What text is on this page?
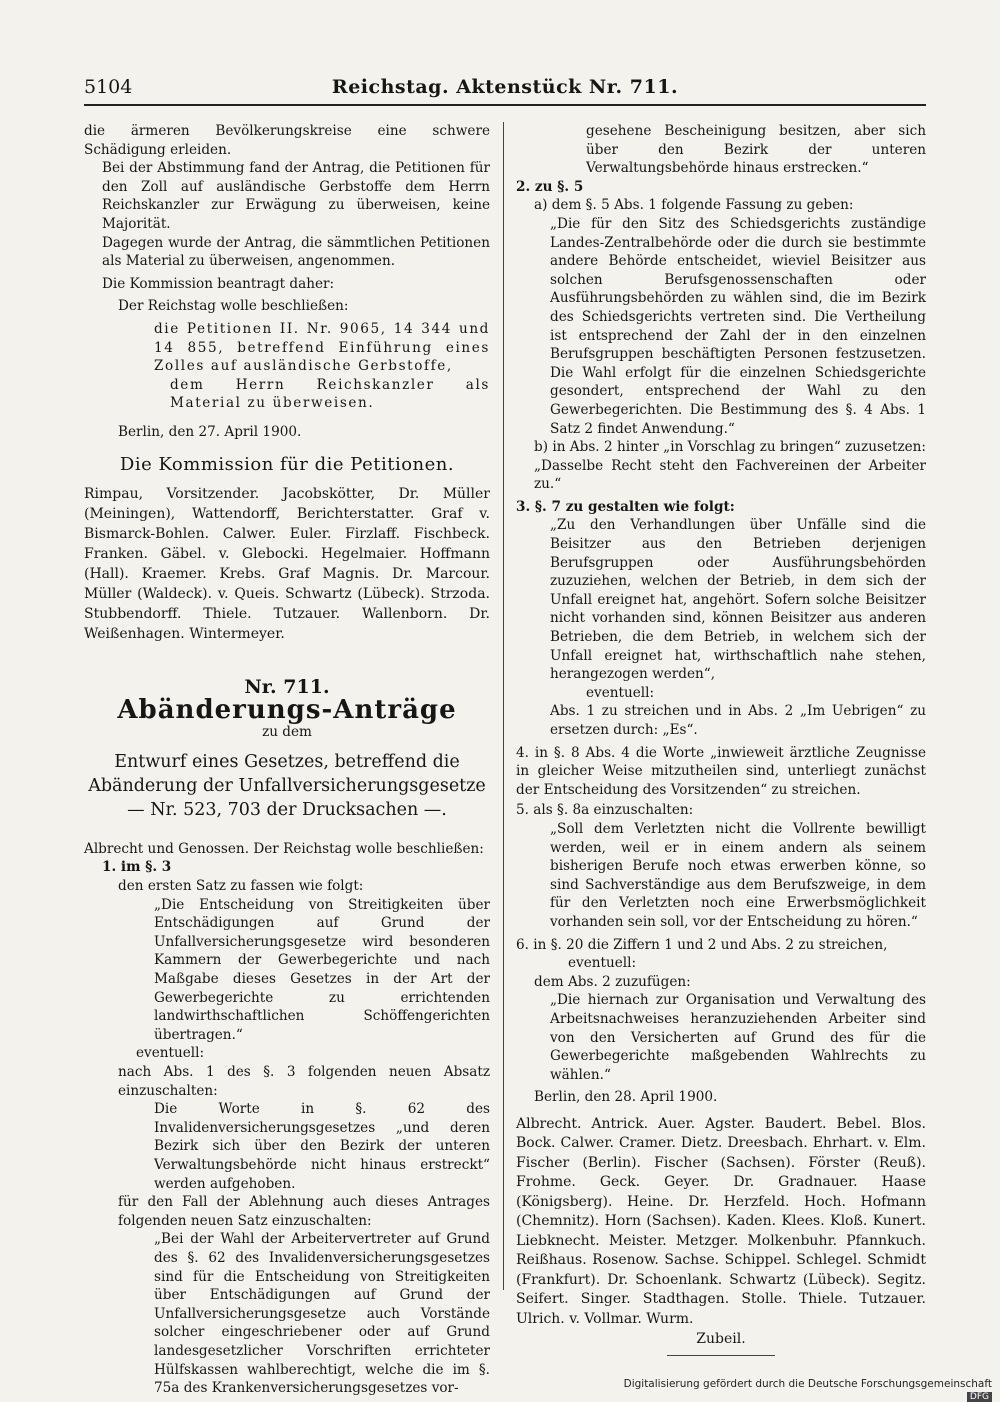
5104	Reichstag. Aktenstück Nr. 711.

die ärmeren Bevölkerungskreise eine schwere Schädigung erleiden.

Bei der Abstimmung fand der Antrag, die Petitionen für den Zoll auf ausländische Gerbstoffe dem Herrn Reichskanzler zur Erwägung zu überweisen, keine Majorität.

Dagegen wurde der Antrag, die sämmtlichen Petitionen als Material zu überweisen, angenommen.

Die Kommission beantragt daher:

Der Reichstag wolle beschließen:

die Petitionen II. Nr. 9065, 14 344 und 14 855, betreffend Einführung eines Zolles auf ausländische Gerbstoffe,

dem Herrn Reichskanzler als Material zu überweisen.

Berlin, den 27. April 1900.

Die Kommission für die Petitionen.

Rimpau, Vorsitzender. Jacobskötter, Dr. Müller (Meiningen), Wattendorff, Berichterstatter. Graf v. Bismarck-Bohlen. Calwer. Euler. Firzlaff. Fischbeck. Franken. Gäbel. v. Glebocki. Hegelmaier. Hoffmann (Hall). Kraemer. Krebs. Graf Magnis. Dr. Marcour. Müller (Waldeck). v. Queis. Schwartz (Lübeck). Strzoda. Stubbendorff. Thiele. Tutzauer. Wallenborn. Dr. Weißenhagen. Wintermeyer.

Nr. 711.
Abänderungs-Anträge
zu dem
Entwurf eines Gesetzes, betreffend die Abänderung der Unfallversicherungsgesetze — Nr. 523, 703 der Drucksachen —.

Albrecht und Genossen. Der Reichstag wolle beschließen:

1. im §. 3

den ersten Satz zu fassen wie folgt:

„Die Entscheidung von Streitigkeiten über Entschädigungen auf Grund der Unfallversicherungsgesetze wird besonderen Kammern der Gewerbegerichte und nach Maßgabe dieses Gesetzes in der Art der Gewerbegerichte zu errichtenden landwirthschaftlichen Schöffengerichten übertragen.“

eventuell:

nach Abs. 1 des §. 3 folgenden neuen Absatz einzuschalten:

Die Worte in §. 62 des Invalidenversicherungsgesetzes „und deren Bezirk sich über den Bezirk der unteren Verwaltungsbehörde nicht hinaus erstreckt“ werden aufgehoben.

für den Fall der Ablehnung auch dieses Antrages folgenden neuen Satz einzuschalten:

„Bei der Wahl der Arbeitervertreter auf Grund des §. 62 des Invalidenversicherungsgesetzes sind für die Entscheidung von Streitigkeiten über Entschädigungen auf Grund der Unfallversicherungsgesetze auch Vorstände solcher eingeschriebener oder auf Grund landesgesetzlicher Vorschriften errichteter Hülfskassen wahlberechtigt, welche die im §. 75a des Krankenversicherungsgesetzes vor-

gesehene Bescheinigung besitzen, aber sich über den Bezirk der unteren Verwaltungsbehörde hinaus erstrecken.“

2. zu §. 5

a) dem §. 5 Abs. 1 folgende Fassung zu geben:

„Die für den Sitz des Schiedsgerichts zuständige Landes-Zentralbehörde oder die durch sie bestimmte andere Behörde entscheidet, wieviel Beisitzer aus solchen Berufsgenossenschaften oder Ausführungsbehörden zu wählen sind, die im Bezirk des Schiedsgerichts vertreten sind. Die Vertheilung ist entsprechend der Zahl der in den einzelnen Berufsgruppen beschäftigten Personen festzusetzen. Die Wahl erfolgt für die einzelnen Schiedsgerichte gesondert, entsprechend der Wahl zu den Gewerbegerichten. Die Bestimmung des §. 4 Abs. 1 Satz 2 findet Anwendung.“

b) in Abs. 2 hinter „in Vorschlag zu bringen“ zuzusetzen: „Dasselbe Recht steht den Fachvereinen der Arbeiter zu.“

3. §. 7 zu gestalten wie folgt:

„Zu den Verhandlungen über Unfälle sind die Beisitzer aus den Betrieben derjenigen Berufsgruppen oder Ausführungsbehörden zuzuziehen, welchen der Betrieb, in dem sich der Unfall ereignet hat, angehört. Sofern solche Beisitzer nicht vorhanden sind, können Beisitzer aus anderen Betrieben, die dem Betrieb, in welchem sich der Unfall ereignet hat, wirthschaftlich nahe stehen, herangezogen werden“,

eventuell:

Abs. 1 zu streichen und in Abs. 2 „Im Uebrigen“ zu ersetzen durch: „Es“.

4. in §. 8 Abs. 4 die Worte „inwieweit ärztliche Zeugnisse in gleicher Weise mitzutheilen sind, unterliegt zunächst der Entscheidung des Vorsitzenden“ zu streichen.

5. als §. 8a einzuschalten:

„Soll dem Verletzten nicht die Vollrente bewilligt werden, weil er in einem andern als seinem bisherigen Berufe noch etwas erwerben könne, so sind Sachverständige aus dem Berufszweige, in dem für den Verletzten noch eine Erwerbsmöglichkeit vorhanden sein soll, vor der Entscheidung zu hören.“

6. in §. 20 die Ziffern 1 und 2 und Abs. 2 zu streichen,

eventuell:

dem Abs. 2 zuzufügen:

„Die hiernach zur Organisation und Verwaltung des Arbeitsnachweises heranzuziehenden Arbeiter sind von den Versicherten auf Grund des für die Gewerbegerichte maßgebenden Wahlrechts zu wählen.“

Berlin, den 28. April 1900.

Albrecht. Antrick. Auer. Agster. Baudert. Bebel. Blos. Bock. Calwer. Cramer. Dietz. Dreesbach. Ehrhart. v. Elm. Fischer (Berlin). Fischer (Sachsen). Förster (Reuß). Frohme. Geck. Geyer. Dr. Gradnauer. Haase (Königsberg). Heine. Dr. Herzfeld. Hoch. Hofmann (Chemnitz). Horn (Sachsen). Kaden. Klees. Kloß. Kunert. Liebknecht. Meister. Metzger. Molkenbuhr. Pfannkuch. Reißhaus. Rosenow. Sachse. Schippel. Schlegel. Schmidt (Frankfurt). Dr. Schoenlank. Schwartz (Lübeck). Segitz. Seifert. Singer. Stadthagen. Stolle. Thiele. Tutzauer. Ulrich. v. Vollmar. Wurm.

Zubeil.

Digitalisierung gefördert durch die Deutsche ForschungsgemeinschaftDFG
